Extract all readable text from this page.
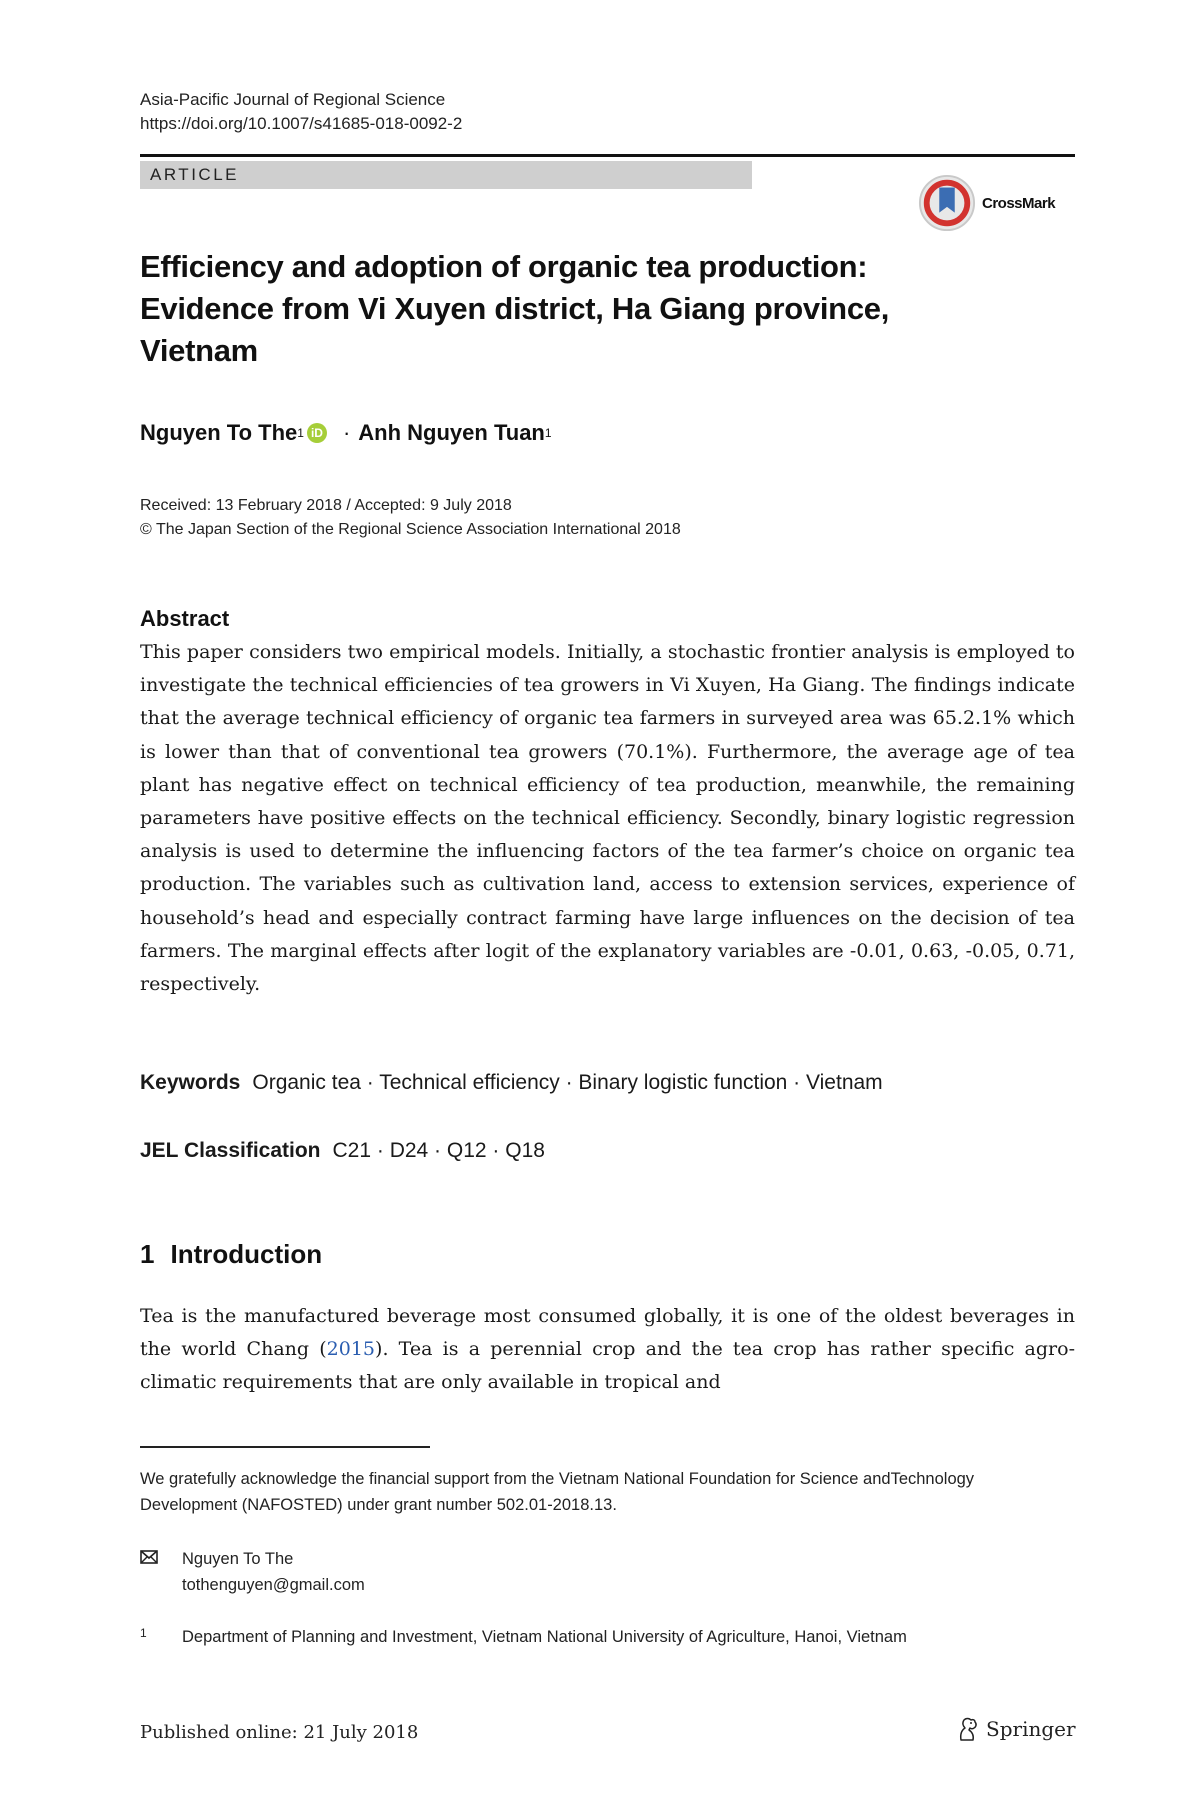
Asia-Pacific Journal of Regional Science
https://doi.org/10.1007/s41685-018-0092-2
ARTICLE
CrossMark
Efficiency and adoption of organic tea production:
Evidence from Vi Xuyen district, Ha Giang province,
Vietnam
Nguyen To The 1 iD · Anh Nguyen Tuan 1
Received: 13 February 2018 / Accepted: 9 July 2018
© The Japan Section of the Regional Science Association International 2018
Abstract
This paper considers two empirical models. Initially, a stochastic frontier analysis is employed to investigate the technical efficiencies of tea growers in Vi Xuyen, Ha Giang. The findings indicate that the average technical efficiency of organic tea farmers in surveyed area was 65.2.1% which is lower than that of conventional tea growers (70.1%). Furthermore, the average age of tea plant has negative effect on technical efficiency of tea production, meanwhile, the remaining parameters have positive effects on the technical efficiency. Secondly, binary logistic regression analysis is used to determine the influencing factors of the tea farmer’s choice on organic tea production. The variables such as cultivation land, access to extension services, experience of household’s head and especially contract farming have large influences on the decision of tea farmers. The marginal effects after logit of the explanatory variables are -0.01, 0.63, -0.05, 0.71, respectively.
Keywords Organic tea · Technical efficiency · Binary logistic function · Vietnam
JEL Classification C21 · D24 · Q12 · Q18
1 Introduction
Tea is the manufactured beverage most consumed globally, it is one of the oldest beverages in the world Chang (2015). Tea is a perennial crop and the tea crop has rather specific agro-climatic requirements that are only available in tropical and
We gratefully acknowledge the financial support from the Vietnam National Foundation for Science andTechnology Development (NAFOSTED) under grant number 502.01-2018.13.
Nguyen To The
tothenguyen@gmail.com
1 Department of Planning and Investment, Vietnam National University of Agriculture, Hanoi, Vietnam
Published online: 21 July 2018	Springer
